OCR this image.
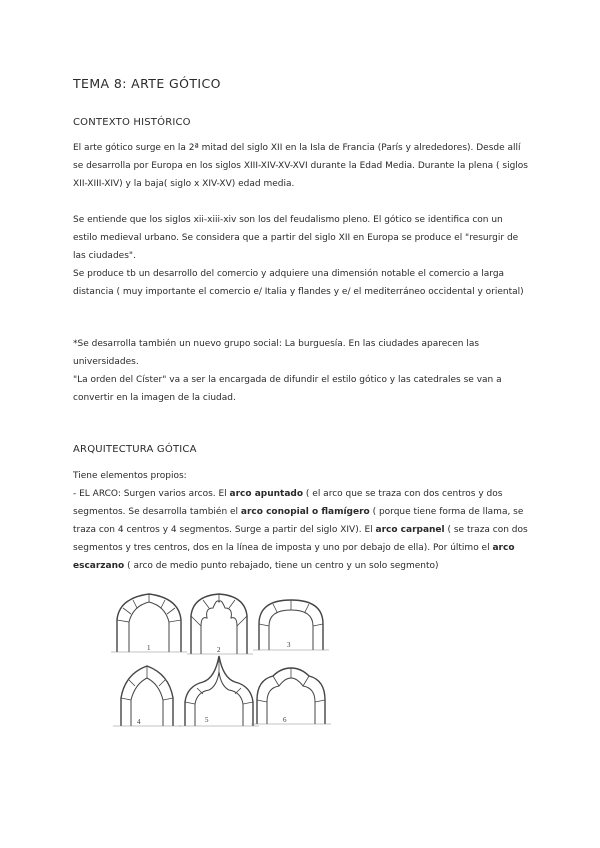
TEMA 8: ARTE GÓTICO
CONTEXTO HISTÓRICO
El arte gótico surge en la 2ª mitad del siglo XII en la Isla de Francia (París y alrededores). Desde allí se desarrolla por Europa en los siglos XIII-XIV-XV-XVI durante la Edad Media. Durante la plena ( siglos XII-XIII-XIV) y la baja( siglo x XIV-XV) edad media.
Se entiende que los siglos xii-xiii-xiv son los del feudalismo pleno. El gótico se identifica con un estilo medieval urbano. Se considera que a partir del siglo XII en Europa se produce el "resurgir de las ciudades".
Se produce tb un desarrollo del comercio y adquiere una dimensión notable el comercio a larga distancia ( muy importante el comercio e/ Italia y flandes y e/ el mediterráneo occidental y oriental)
*Se desarrolla también un nuevo grupo social: La burguesía. En las ciudades aparecen las universidades.
"La orden del Císter" va a ser la encargada de difundir el estilo gótico y las catedrales se van a convertir en la imagen de la ciudad.
ARQUITECTURA GÓTICA
Tiene elementos propios:
- EL ARCO: Surgen varios arcos. El arco apuntado ( el arco que se traza con dos centros y dos segmentos. Se desarrolla también el arco conopial o flamígero ( porque tiene forma de llama, se traza con 4 centros y 4 segmentos. Surge a partir del siglo XIV). El arco carpanel ( se traza con dos segmentos y tres centros, dos en la línea de imposta y uno por debajo de ella). Por último el arco escarzano ( arco de medio punto rebajado, tiene un centro y un solo segmento)
1	2
3
4	5	6
